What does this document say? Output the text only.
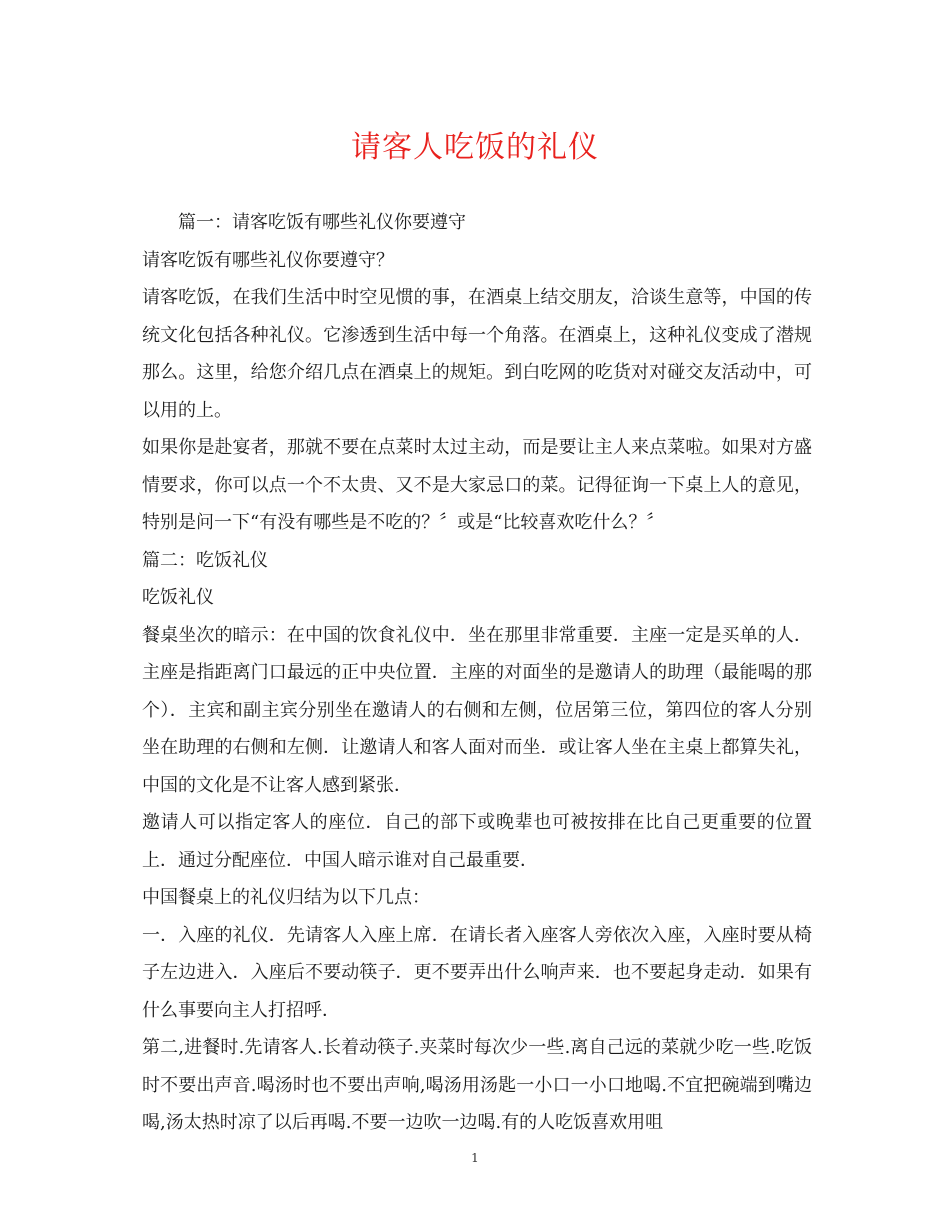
请客人吃饭的礼仪

篇一：请客吃饭有哪些礼仪你要遵守

请客吃饭有哪些礼仪你要遵守？

请客吃饭，在我们生活中时空见惯的事，在酒桌上结交朋友，洽谈生意等，中国的传统文化包括各种礼仪。它渗透到生活中每一个角落。在酒桌上，这种礼仪变成了潜规那么。这里，给您介绍几点在酒桌上的规矩。到白吃网的吃货对对碰交友活动中，可以用的上。

如果你是赴宴者，那就不要在点菜时太过主动，而是要让主人来点菜啦。如果对方盛情要求，你可以点一个不太贵、又不是大家忌口的菜。记得征询一下桌上人的意见，特别是问一下“有没有哪些是不吃的？〞或是“比较喜欢吃什么？〞

篇二：吃饭礼仪

吃饭礼仪

餐桌坐次的暗示：在中国的饮食礼仪中．坐在那里非常重要．主座一定是买单的人．主座是指距离门口最远的正中央位置．主座的对面坐的是邀请人的助理（最能喝的那个）．主宾和副主宾分别坐在邀请人的右侧和左侧，位居第三位，第四位的客人分别坐在助理的右侧和左侧．让邀请人和客人面对而坐．或让客人坐在主桌上都算失礼，中国的文化是不让客人感到紧张．

邀请人可以指定客人的座位．自己的部下或晚辈也可被按排在比自己更重要的位置上．通过分配座位．中国人暗示谁对自己最重要．

中国餐桌上的礼仪归结为以下几点：

一．入座的礼仪．先请客人入座上席．在请长者入座客人旁依次入座，入座时要从椅子左边进入．入座后不要动筷子．更不要弄出什么响声来．也不要起身走动．如果有什么事要向主人打招呼．

第二,进餐时.先请客人.长着动筷子.夹菜时每次少一些.离自己远的菜就少吃一些.吃饭时不要出声音.喝汤时也不要出声响,喝汤用汤匙一小口一小口地喝.不宜把碗端到嘴边喝,汤太热时凉了以后再喝.不要一边吹一边喝.有的人吃饭喜欢用咀

1
